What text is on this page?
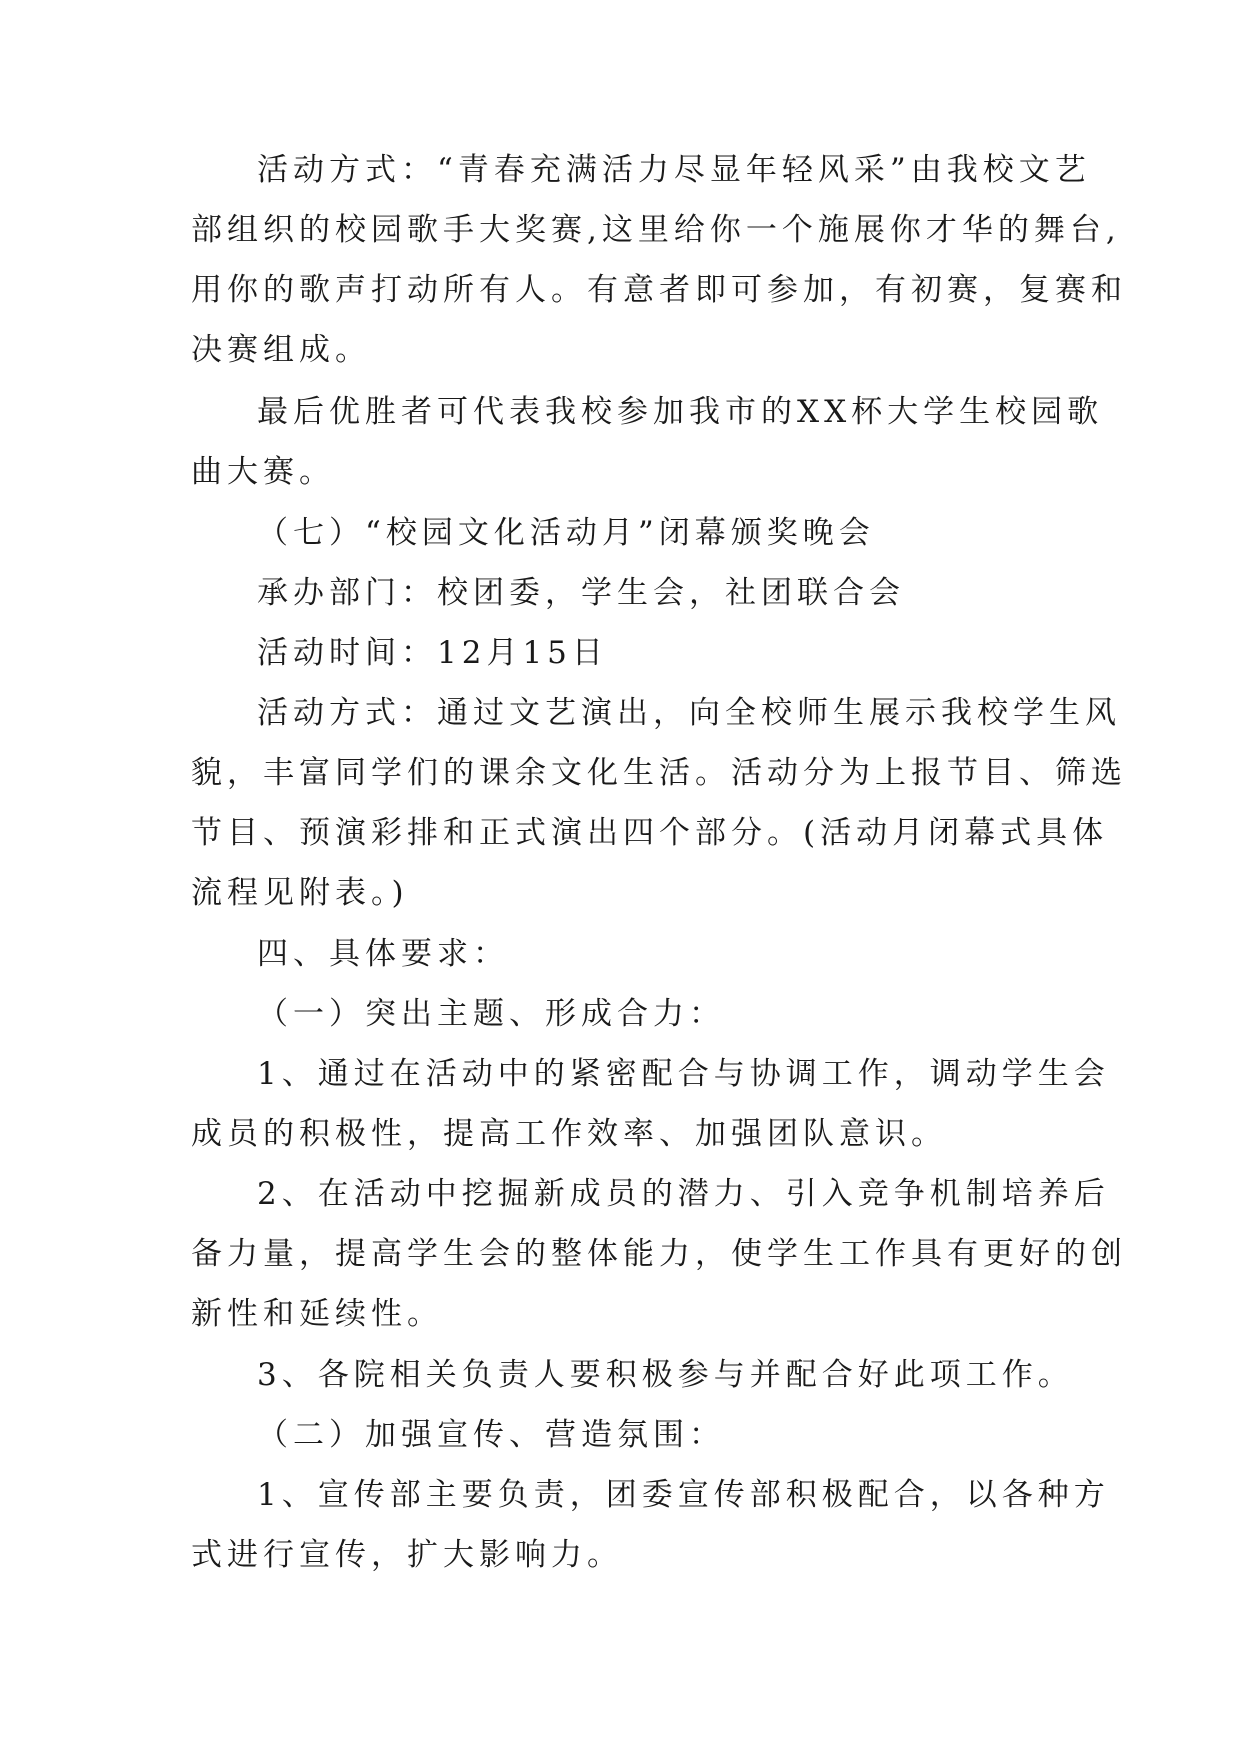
活动方式：“青春充满活力尽显年轻风采”由我校文艺
部组织的校园歌手大奖赛,这里给你一个施展你才华的舞台,
用你的歌声打动所有人。有意者即可参加，有初赛，复赛和
决赛组成。
最后优胜者可代表我校参加我市的XX杯大学生校园歌
曲大赛。
（七）“校园文化活动月”闭幕颁奖晚会
承办部门：校团委，学生会，社团联合会
活动时间：12月15日
活动方式：通过文艺演出，向全校师生展示我校学生风
貌，丰富同学们的课余文化生活。活动分为上报节目、筛选
节目、预演彩排和正式演出四个部分。(活动月闭幕式具体
流程见附表。)
四、具体要求：
（一）突出主题、形成合力：
1、通过在活动中的紧密配合与协调工作，调动学生会
成员的积极性，提高工作效率、加强团队意识。
2、在活动中挖掘新成员的潜力、引入竞争机制培养后
备力量，提高学生会的整体能力，使学生工作具有更好的创
新性和延续性。
3、各院相关负责人要积极参与并配合好此项工作。
（二）加强宣传、营造氛围：
1、宣传部主要负责，团委宣传部积极配合，以各种方
式进行宣传，扩大影响力。
